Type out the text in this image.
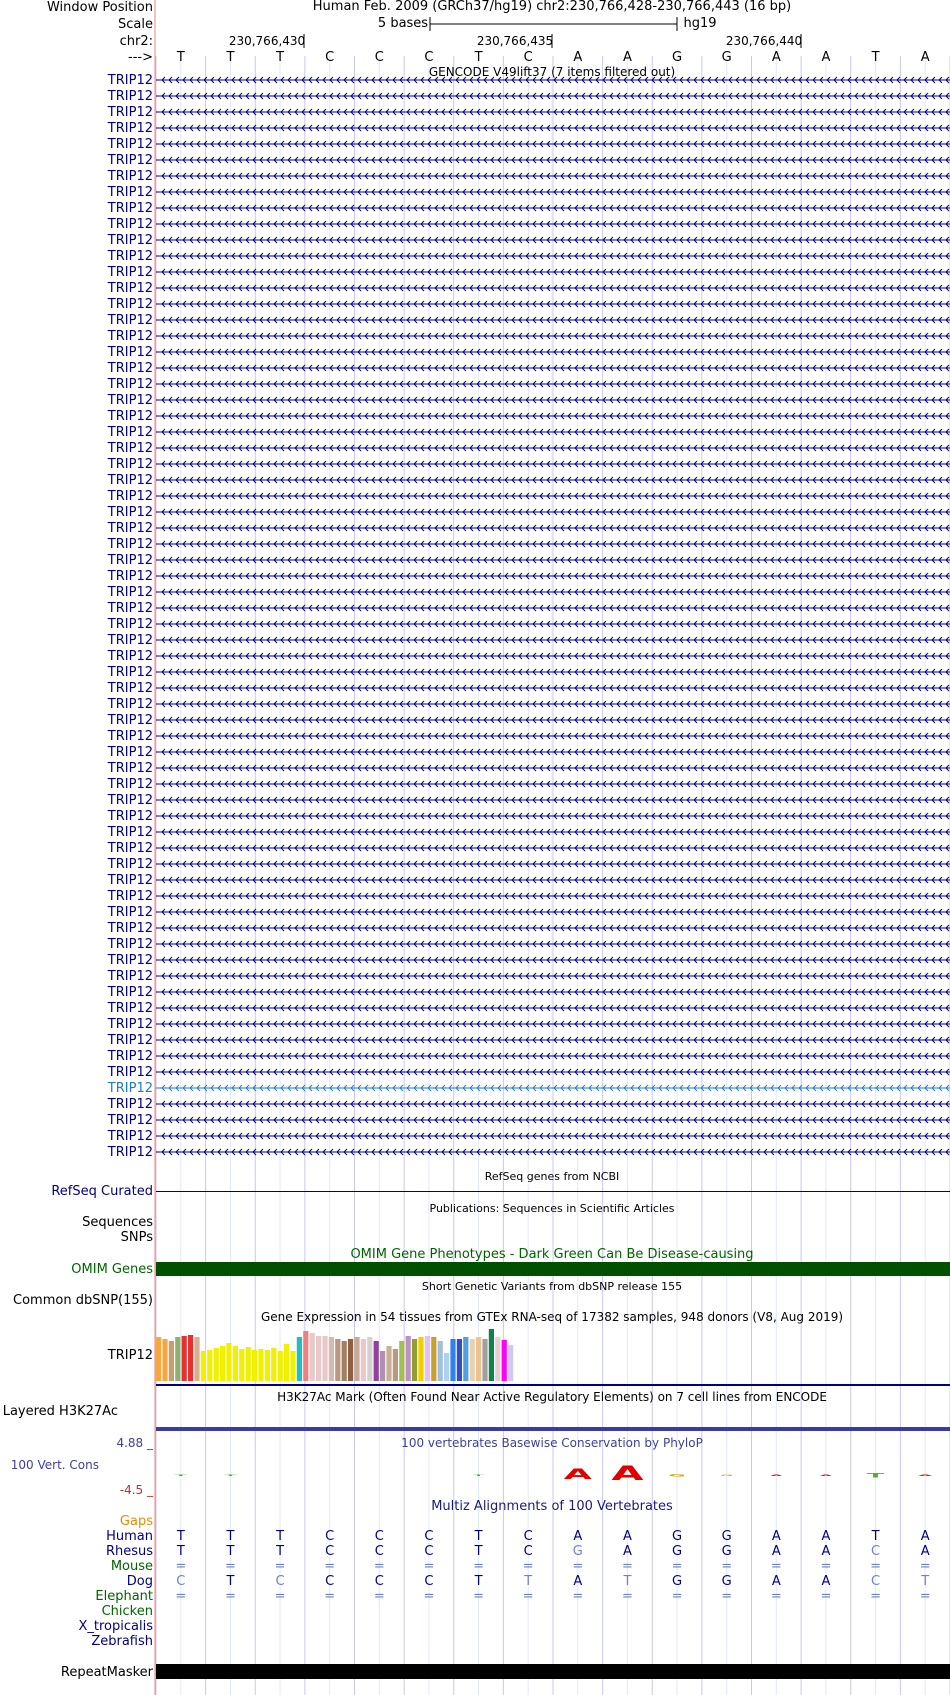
Window Position
Scale
chr2:
--->
Human Feb. 2009 (GRCh37/hg19) chr2:230,766,428-230,766,443 (16 bp)
5 bases	hg19
230,766,430	230,766,435	230,766,440
T	T	T	C	C	C	T	C	A	A	G	G	A	A	T	A
GENCODE V49lift37 (7 items filtered out)
TRIP12
TRIP12
TRIP12
TRIP12
TRIP12
TRIP12
TRIP12
TRIP12
TRIP12
TRIP12
TRIP12
TRIP12
TRIP12
TRIP12
TRIP12
TRIP12
TRIP12
TRIP12
TRIP12
TRIP12
TRIP12
TRIP12
TRIP12
TRIP12
TRIP12
TRIP12
TRIP12
TRIP12
TRIP12
TRIP12
TRIP12
TRIP12
TRIP12
TRIP12
TRIP12
TRIP12
TRIP12
TRIP12
TRIP12
TRIP12
TRIP12
TRIP12
TRIP12
TRIP12
TRIP12
TRIP12
TRIP12
TRIP12
TRIP12
TRIP12
TRIP12
TRIP12
TRIP12
TRIP12
TRIP12
TRIP12
TRIP12
TRIP12
TRIP12
TRIP12
TRIP12
TRIP12
TRIP12
TRIP12
TRIP12
TRIP12
TRIP12
TRIP12
RefSeq genes from NCBI
RefSeq Curated
Publications: Sequences in Scientific Articles
Sequences
SNPs
OMIM Gene Phenotypes - Dark Green Can Be Disease-causing
OMIM Genes
Short Genetic Variants from dbSNP release 155
Common dbSNP(155)
Gene Expression in 54 tissues from GTEx RNA-seq of 17382 samples, 948 donors (V8, Aug 2019)
TRIP12
H3K27Ac Mark (Often Found Near Active Regulatory Elements) on 7 cell lines from ENCODE
Layered H3K27Ac
100 vertebrates Basewise Conservation by PhyloP
4.88 _
100 Vert. Cons
-4.5 _
T	T	T	A A	G	G	A	A	T	A
Multiz Alignments of 100 Vertebrates
Gaps
Human T	T	T	C	C	C	T	C	A	A	G	G	A	A	T	A
Rhesus T	T	T	C	C	C	T	C	G	A	G	G	A	A	C	A
Mouse =	=	=	=	=	=	=	=	=	=	=	=	=	=	=	=
Dog C	T	C	C	C	C	T	T	A	T	G	G	A	A	C	T
Elephant =	=	=	=	=	=	=	=	=	=	=	=	=	=	=	=
Chicken
X_tropicalis
Zebrafish
RepeatMasker
